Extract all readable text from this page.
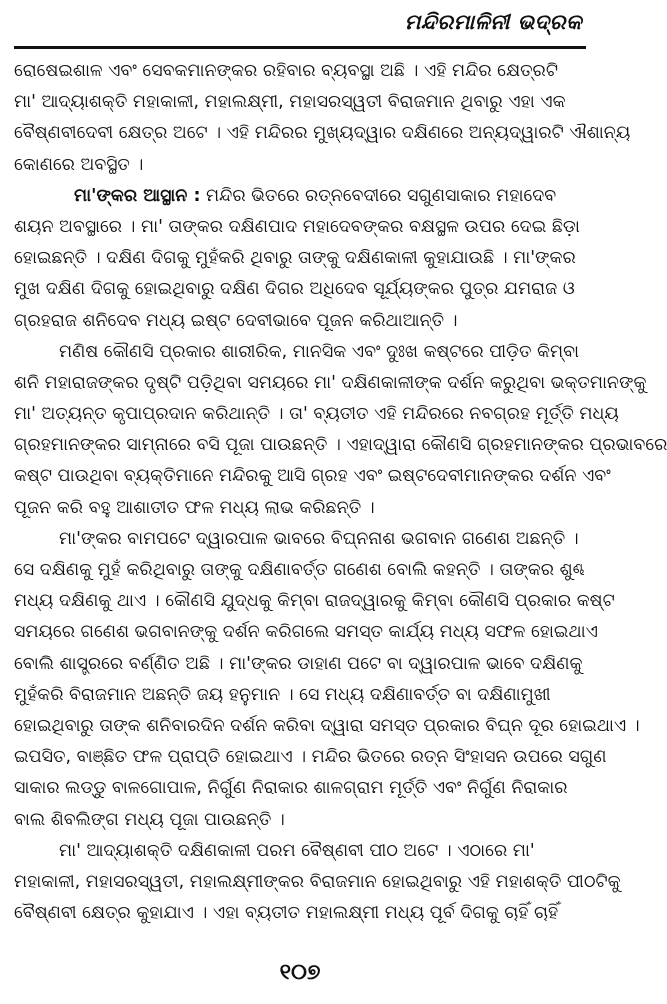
ମନ୍ଦିରମାଳିନୀ ଭଦ୍ରକ
ରୋଷେଇଶାଳ ଏବଂ ସେବକମାନଙ୍କର ରହିବାର ବ୍ୟବସ୍ଥା ଅଛି । ଏହି ମନ୍ଦିର କ୍ଷେତ୍ରଟି
ମା' ଆଦ୍ୟାଶକ୍ତି ମହାକାଳୀ, ମହାଲକ୍ଷ୍ମୀ, ମହାସରସ୍ୱତୀ ବିରାଜମାନ ଥିବାରୁ ଏହା ଏକ
ବୈଷ୍ଣବୀଦେବୀ କ୍ଷେତ୍ର ଅଟେ । ଏହି ମନ୍ଦିରର ମୁଖ୍ୟଦ୍ୱାର ଦକ୍ଷିଣରେ ଅନ୍ୟଦ୍ୱାରଟି ଐଶାନ୍ୟ
କୋଣରେ ଅବସ୍ଥିତ ।
ମା'ଙ୍କର ଆସ୍ଥାନ : ମନ୍ଦିର ଭିତରେ ରତ୍ନବେଦୀରେ ସଗୁଣସାକାର ମହାଦେବ
ଶୟନ ଅବସ୍ଥାରେ । ମା' ତାଙ୍କର ଦକ୍ଷିଣପାଦ ମହାଦେବଙ୍କର ବକ୍ଷସ୍ଥଳ ଉପର ଦେଇ ଛିଡ଼ା
ହୋଇଛନ୍ତି । ଦକ୍ଷିଣ ଦିଗକୁ ମୁହଁକରି ଥିବାରୁ ତାଙ୍କୁ ଦକ୍ଷିଣକାଳୀ କୁହାଯାଉଛି । ମା'ଙ୍କର
ମୁଖ ଦକ୍ଷିଣ ଦିଗକୁ ହୋଇଥିବାରୁ ଦକ୍ଷିଣ ଦିଗର ଅଧିଦେବ ସୂର୍ଯ୍ୟଙ୍କର ପୁତ୍ର ଯମରାଜ ଓ
ଗ୍ରହରାଜ ଶନିଦେବ ମଧ୍ୟ ଇଷ୍ଟ ଦେବୀଭାବେ ପୂଜନ କରିଥାଆନ୍ତି ।
ମଣିଷ କୌଣସି ପ୍ରକାର ଶାରୀରିକ, ମାନସିକ ଏବଂ ଦୁଃଖ କଷ୍ଟରେ ପୀଡ଼ିତ କିମ୍ବା
ଶନି ମହାରାଜଙ୍କର ଦୃଷ୍ଟି ପଡ଼ିଥିବା ସମୟରେ ମା' ଦକ୍ଷିଣକାଳୀଙ୍କ ଦର୍ଶନ କରୁଥିବା ଭକ୍ତମାନଙ୍କୁ
ମା' ଅତ୍ୟନ୍ତ କୃପାପ୍ରଦାନ କରିଥାନ୍ତି । ତା' ବ୍ୟତୀତ ଏହି ମନ୍ଦିରରେ ନବଗ୍ରହ ମୂର୍ତ୍ତି ମଧ୍ୟ
ଗ୍ରହମାନଙ୍କର ସାମ୍ନାରେ ବସି ପୂଜା ପାଉଛନ୍ତି । ଏହାଦ୍ୱାରା କୌଣସି ଗ୍ରହମାନଙ୍କର ପ୍ରଭାବରେ
କଷ୍ଟ ପାଉଥିବା ବ୍ୟକ୍ତିମାନେ ମନ୍ଦିରକୁ ଆସି ଗ୍ରହ ଏବଂ ଇଷ୍ଟଦେବୀମାନଙ୍କର ଦର୍ଶନ ଏବଂ
ପୂଜନ କରି ବହୁ ଆଶାତୀତ ଫଳ ମଧ୍ୟ ଲାଭ କରିଛନ୍ତି ।
ମା'ଙ୍କର ବାମପଟେ ଦ୍ୱାରପାଳ ଭାବରେ ବିଘ୍ନନାଶ ଭଗବାନ ଗଣେଶ ଅଛନ୍ତି ।
ସେ ଦକ୍ଷିଣକୁ ମୁହଁ କରିଥିବାରୁ ତାଙ୍କୁ ଦକ୍ଷିଣାବର୍ତ୍ତ ଗଣେଶ ବୋଲି କହନ୍ତି । ତାଙ୍କର ଶୁଣ୍ଢ
ମଧ୍ୟ ଦକ୍ଷିଣକୁ ଥାଏ । କୌଣସି ଯୁଦ୍ଧକୁ କିମ୍ବା ରାଜଦ୍ୱାରକୁ କିମ୍ବା କୌଣସି ପ୍ରକାର କଷ୍ଟ
ସମୟରେ ଗଣେଶ ଭଗବାନଙ୍କୁ ଦର୍ଶନ କରିଗଲେ ସମସ୍ତ କାର୍ଯ୍ୟ ମଧ୍ୟ ସଫଳ ହୋଇଥାଏ
ବୋଲି ଶାସ୍ତ୍ରରେ ବର୍ଣ୍ଣିତ ଅଛି । ମା'ଙ୍କର ଡାହାଣ ପଟେ ବା ଦ୍ୱାରପାଳ ଭାବେ ଦକ୍ଷିଣକୁ
ମୁହଁକରି ବିରାଜମାନ ଅଛନ୍ତି ଜୟ ହନୁମାନ । ସେ ମଧ୍ୟ ଦକ୍ଷିଣାବର୍ତ୍ତ ବା ଦକ୍ଷିଣାମୁଖୀ
ହୋଇଥିବାରୁ ତାଙ୍କ ଶନିବାରଦିନ ଦର୍ଶନ କରିବା ଦ୍ୱାରା ସମସ୍ତ ପ୍ରକାର ବିଘ୍ନ ଦୂର ହୋଇଥାଏ ।
ଇପସିତ, ବାଞ୍ଛିତ ଫଳ ପ୍ରାପ୍ତି ହୋଇଥାଏ । ମନ୍ଦିର ଭିତରେ ରତ୍ନ ସିଂହାସନ ଉପରେ ସଗୁଣ
ସାକାର ଲଡ୍ଡୁ ବାଳଗୋପାଳ, ନିର୍ଗୁଣ ନିରାକାର ଶାଳଗ୍ରାମ ମୂର୍ତ୍ତି ଏବଂ ନିର୍ଗୁଣ ନିରାକାର
ବାଲ ଶିବଲିଙ୍ଗ ମଧ୍ୟ ପୂଜା ପାଉଛନ୍ତି ।
ମା' ଆଦ୍ୟାଶକ୍ତି ଦକ୍ଷିଣକାଳୀ ପରମ ବୈଷ୍ଣବୀ ପୀଠ ଅଟେ । ଏଠାରେ ମା'
ମହାକାଳୀ, ମହାସରସ୍ୱତୀ, ମହାଲକ୍ଷ୍ମୀଙ୍କର ବିରାଜମାନ ହୋଇଥିବାରୁ ଏହି ମହାଶକ୍ତି ପୀଠଟିକୁ
ବୈଷ୍ଣବୀ କ୍ଷେତ୍ର କୁହାଯାଏ । ଏହା ବ୍ୟତୀତ ମହାଲକ୍ଷ୍ମୀ ମଧ୍ୟ ପୂର୍ବ ଦିଗକୁ ଚାହିଁ ଚାହିଁ
୧୦୭
